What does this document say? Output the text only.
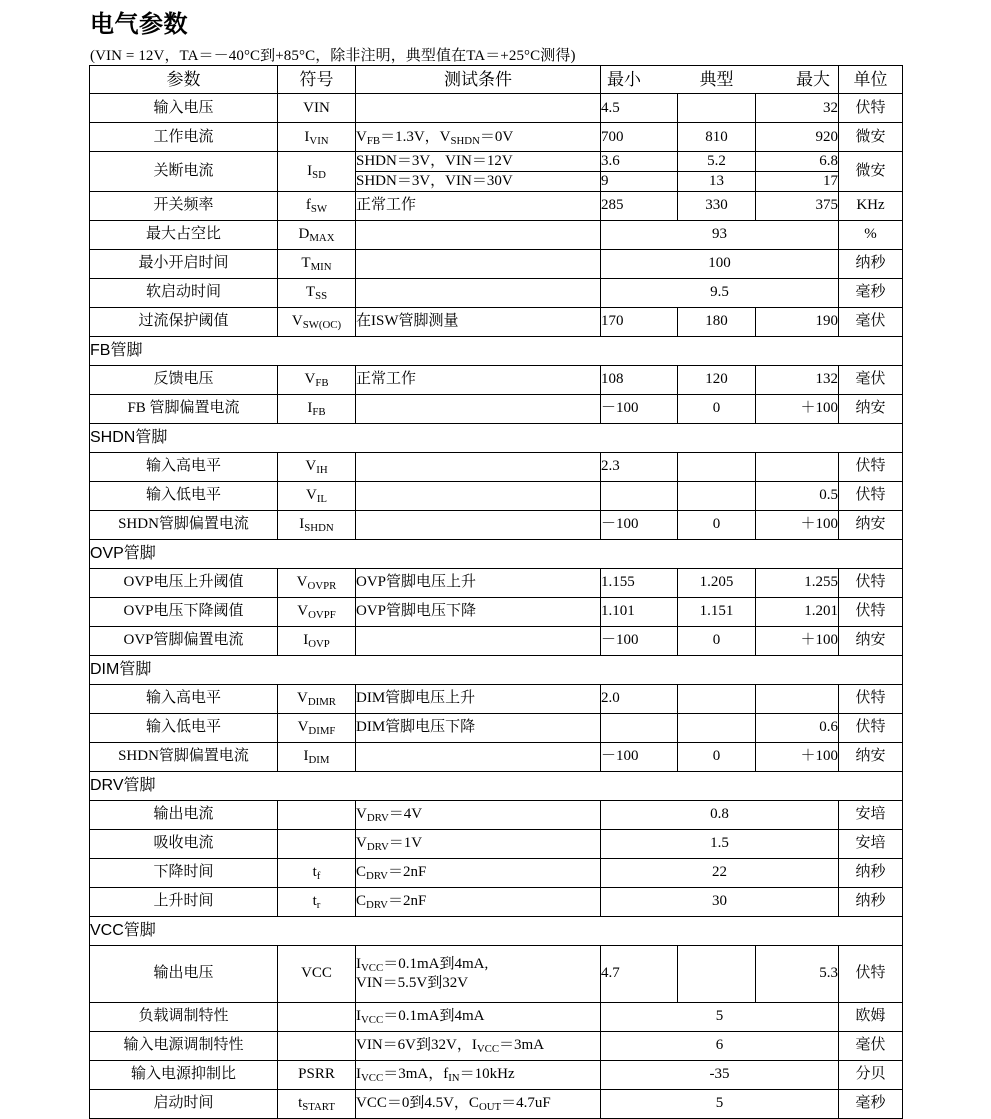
电气参数
(VIN = 12V，TA＝－40°C到+85°C，除非注明，典型值在TA＝+25°C测得)
参数	符号	测试条件	最小	典型	最大	单位
输入电压	VIN		4.5		32	伏特
工作电流	$I_{VIN}$	$V_{FB}=1.3V$，$V_{SHDN}=0V$	700	810	920	微安
关断电流	$I_{SD}$	SHDN＝3V，VIN＝12V	3.6	5.2	6.8	微安
		SHDN＝3V，VIN＝30V	9	13	17	
开关频率	$f_{SW}$	正常工作	285	330	375	KHz
最大占空比	$D_{MAX}$		93			%
最小开启时间	$T_{MIN}$		100			纳秒
软启动时间	$T_{SS}$		9.5			毫秒
过流保护阈值	$V_{SW(OC)}$	在ISW管脚测量	170	180	190	毫伏
FB管脚						
反馈电压	$V_{FB}$	正常工作	108	120	132	毫伏
FB 管脚偏置电流	$I_{FB}$		－100	0	＋100	纳安
SHDN管脚						
输入高电平	$V_{IH}$		2.3			伏特
输入低电平	$V_{IL}$				0.5	伏特
SHDN管脚偏置电流	$I_{SHDN}$		－100	0	＋100	纳安
OVP管脚						
OVP电压上升阈值	$V_{OVPR}$	OVP管脚电压上升	1.155	1.205	1.255	伏特
OVP电压下降阈值	$V_{OVPF}$	OVP管脚电压下降	1.101	1.151	1.201	伏特
OVP管脚偏置电流	$I_{OVP}$		－100	0	＋100	纳安
DIM管脚						
输入高电平	$V_{DIMR}$	DIM管脚电压上升	2.0			伏特
输入低电平	$V_{DIMF}$	DIM管脚电压下降			0.6	伏特
SHDN管脚偏置电流	$I_{DIM}$		－100	0	＋100	纳安
DRV管脚						
输出电流		$V_{DRV}=4V$	0.8			安培
吸收电流		$V_{DRV}=1V$	1.5			安培
下降时间	$t_f$	$C_{DRV}=2nF$	22			纳秒
上升时间	$t_r$	$C_{DRV}=2nF$	30			纳秒
VCC管脚						
输出电压	VCC	$I_{VCC}=0.1mA$到4mA,
VIN＝5.5V到32V	4.7		5.3	伏特
负载调制特性		$I_{VCC}=0.1mA$到4mA	5			欧姆
输入电源调制特性		VIN＝6V到32V，$I_{VCC}=3mA$	6			毫伏
输入电源抑制比	PSRR	$I_{VCC}=3mA$，$f_{IN}=10kHz$	-35			分贝
启动时间	$t_{START}$	VCC＝0到4.5V，$C_{OUT}=4.7uF$	5			毫秒
